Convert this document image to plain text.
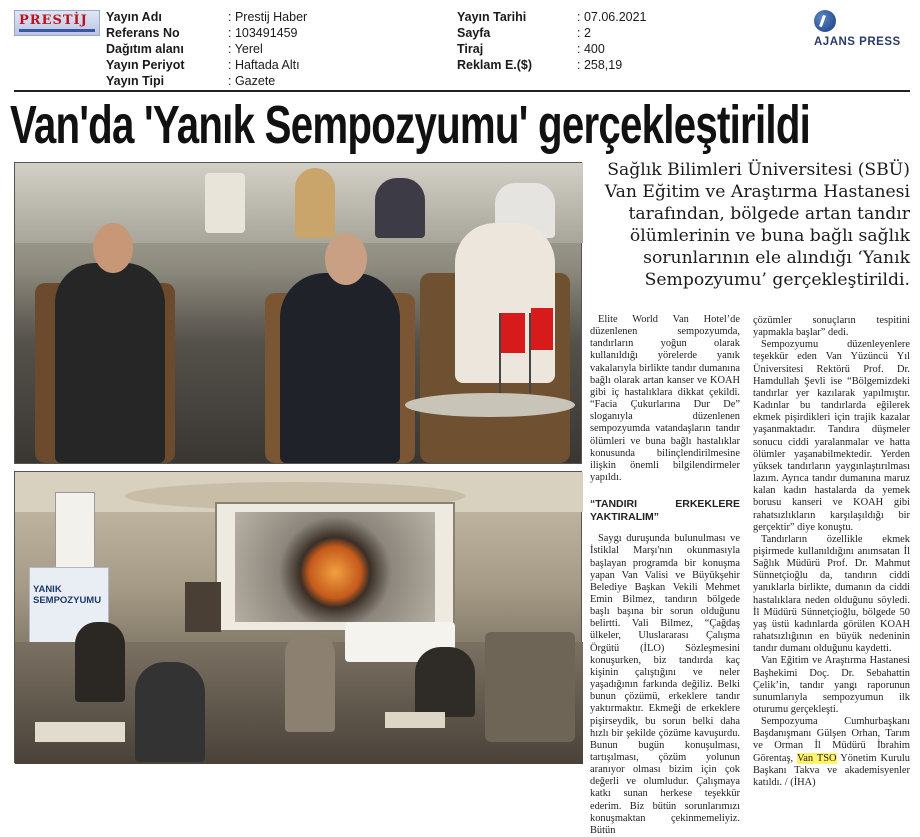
PRESTİJ Yayın Adı	: Prestij Haber
Referans No	: 103491459
Dağıtım alanı	: Yerel
Yayın Periyot	: Haftada Altı
Yayın Tipi	: Gazete
Yayın Tarihi	: 07.06.2021
Sayfa	: 2
Tiraj	: 400
Reklam E.($)	: 258,19
AJANS PRESS
Van'da 'Yanık Sempozyumu' gerçekleştirildi
YANIK SEMPOZYUMU
Sağlık Bilimleri Üniversitesi (SBÜ) Van Eğitim ve Araştırma Hastanesi tarafından, bölgede artan tandır ölümlerinin ve buna bağlı sağlık sorunlarının ele alındığı ‘Yanık Sempozyumu’ gerçekleştirildi.

Elite World Van Hotel’de düzenlenen sempozyumda, tandırların yoğun olarak kullanıldığı yörelerde yanık vakalarıyla birlikte tandır dumanına bağlı olarak artan kanser ve KOAH gibi iç hastalıklara dikkat çekildi. “Facia Çukurlarına Dur De” sloganıyla düzenlenen sempozyumda vatandaşların tandır ölümleri ve buna bağlı hastalıklar konusunda bilinçlendirilmesine ilişkin önemli bilgilendirmeler yapıldı.

“TANDIRI ERKEKLERE YAKTIRALIM”

Saygı duruşunda bulunulması ve İstiklal Marşı'nın okunmasıyla başlayan programda bir konuşma yapan Van Valisi ve Büyükşehir Belediye Başkan Vekili Mehmet Emin Bilmez, tandırın bölgede başlı başına bir sorun olduğunu belirtti. Vali Bilmez, “Çağdaş ülkeler, Uluslararası Çalışma Örgütü (İLO) Sözleşmesini konuşurken, biz tandırda kaç kişinin çalıştığını ve neler yaşadığının farkında değiliz. Belki bunun çözümü, erkeklere tandır yaktırmaktır. Ekmeği de erkeklere pişirseydik, bu sorun belki daha hızlı bir şekilde çözüme kavuşurdu. Bunun bugün konuşulması, tartışılması, çözüm yolunun aranıyor olması bizim için çok değerli ve olumludur. Çalışmaya katkı sunan herkese teşekkür ederim. Biz bütün sorunlarımızı konuşmaktan çekinmemeliyiz. Bütün

çözümler sonuçların tespitini yapmakla başlar” dedi.

Sempozyumu düzenleyenlere teşekkür eden Van Yüzüncü Yıl Üniversitesi Rektörü Prof. Dr. Hamdullah Şevli ise “Bölgemizdeki tandırlar yer kazılarak yapılmıştır. Kadınlar bu tandırlarda eğilerek ekmek pişirdikleri için trajik kazalar yaşanmaktadır. Tandıra düşmeler sonucu ciddi yaralanmalar ve hatta ölümler yaşanabilmektedir. Yerden yüksek tandırların yaygınlaştırılması lazım. Ayrıca tandır dumanına maruz kalan kadın hastalarda da yemek borusu kanseri ve KOAH gibi rahatsızlıkların karşılaşıldığı bir gerçektir” diye konuştu.

Tandırların özellikle ekmek pişirmede kullanıldığını anımsatan İl Sağlık Müdürü Prof. Dr. Mahmut Sünnetçioğlu da, tandırın ciddi yanıklarla birlikte, dumanın da ciddi hastalıklara neden olduğunu söyledi. İl Müdürü Sünnetçioğlu, bölgede 50 yaş üstü kadınlarda görülen KOAH rahatsızlığının en büyük nedeninin tandır dumanı olduğunu kaydetti.

Van Eğitim ve Araştırma Hastanesi Başhekimi Doç. Dr. Sebahattin Çelik’in, tandır yangı raporunun sunumlarıyla sempozyumun ilk oturumu gerçekleşti.

Sempozyuma Cumhurbaşkanı Başdanışmanı Gülşen Orhan, Tarım ve Orman İl Müdürü İbrahim Görentaş, Van TSO Yönetim Kurulu Başkanı Takva ve akademisyenler katıldı. / (İHA)
